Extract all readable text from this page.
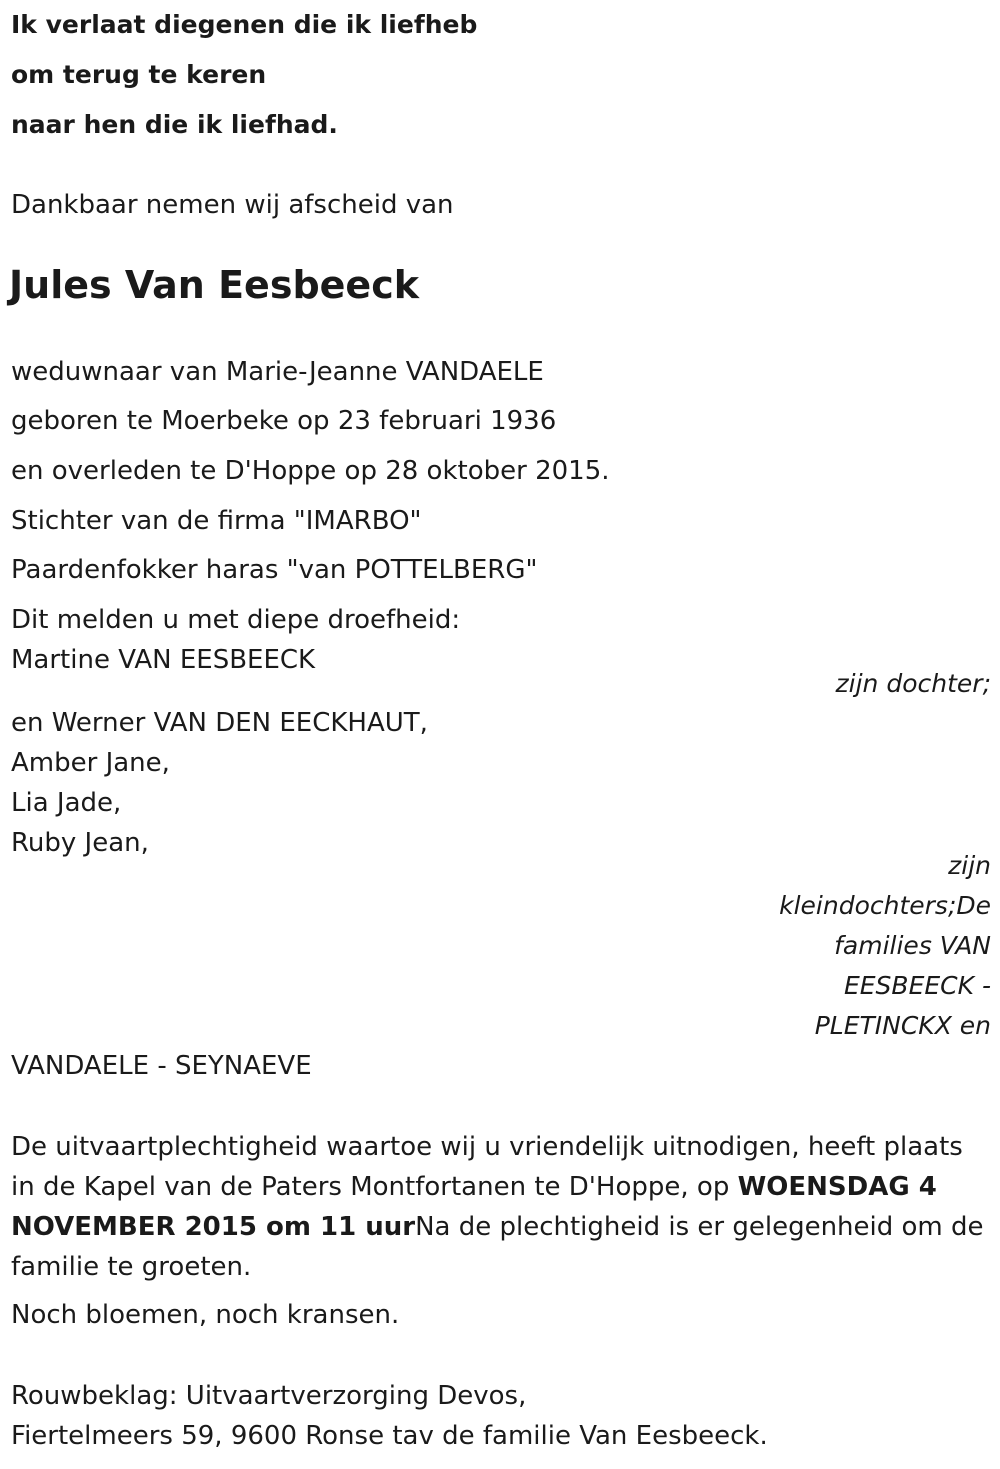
Ik verlaat diegenen die ik liefheb
om terug te keren
naar hen die ik liefhad.
Dankbaar nemen wij afscheid van
Jules Van Eesbeeck
weduwnaar van Marie-Jeanne VANDAELE
geboren te Moerbeke op 23 februari 1936
en overleden te D'Hoppe op 28 oktober 2015.
Stichter van de firma "IMARBO"
Paardenfokker haras "van POTTELBERG"
Dit melden u met diepe droefheid:
Martine VAN EESBEECK
zijn dochter;
en Werner VAN DEN EECKHAUT,
Amber Jane,
Lia Jade,
Ruby Jean,
zijn
kleindochters;De
families VAN
EESBEECK -
PLETINCKX en
VANDAELE - SEYNAEVE
De uitvaartplechtigheid waartoe wij u vriendelijk uitnodigen, heeft plaats in de Kapel van de Paters Montfortanen te D'Hoppe, op WOENSDAG 4 NOVEMBER 2015 om 11 uurNa de plechtigheid is er gelegenheid om de familie te groeten.
Noch bloemen, noch kransen.
Rouwbeklag: Uitvaartverzorging Devos,
Fiertelmeers 59, 9600 Ronse tav de familie Van Eesbeeck.
